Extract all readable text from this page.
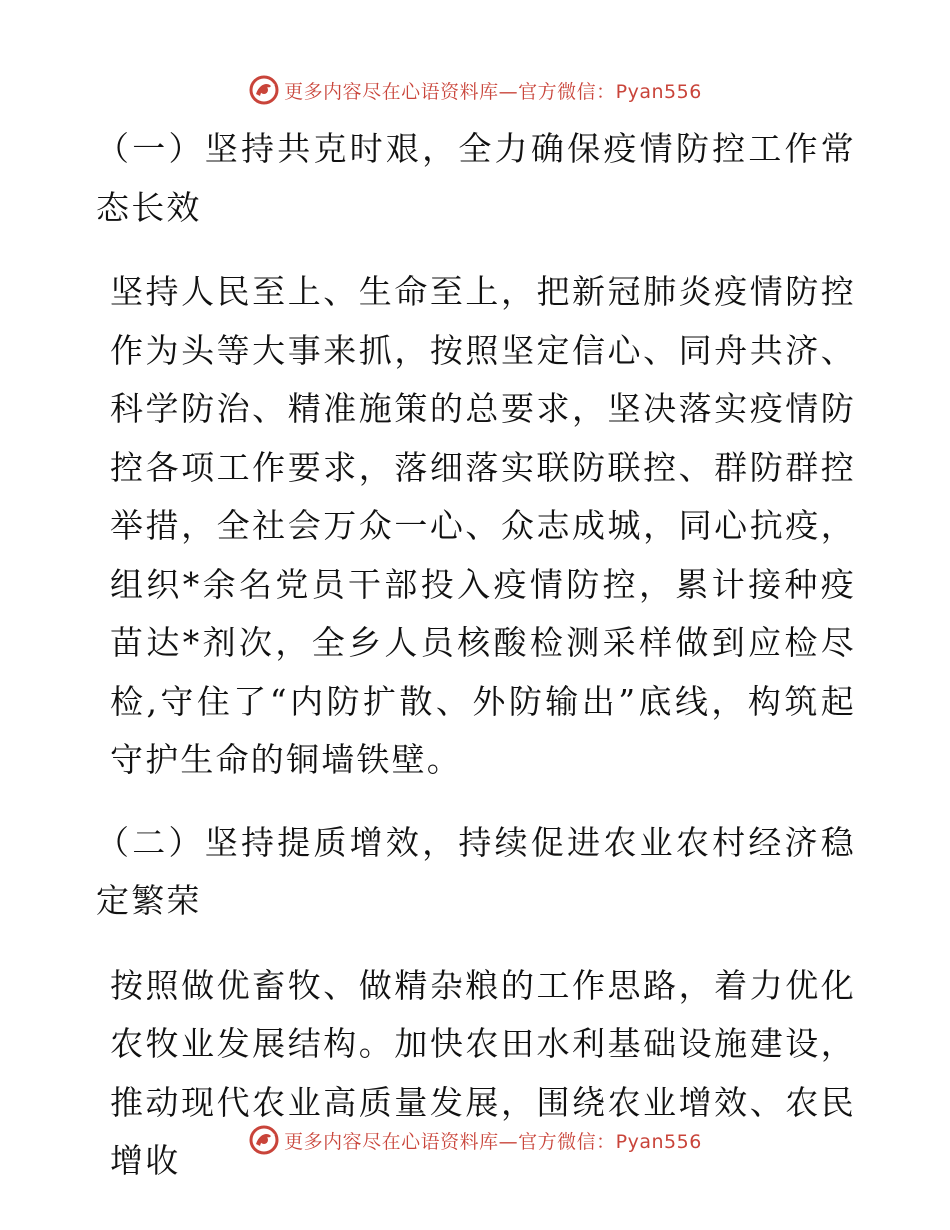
更多内容尽在心语资料库—官方微信：Pyan556

（一）坚持共克时艰，全力确保疫情防控工作常态长效

坚持人民至上、生命至上，把新冠肺炎疫情防控作为头等大事来抓，按照坚定信心、同舟共济、科学防治、精准施策的总要求，坚决落实疫情防控各项工作要求，落细落实联防联控、群防群控举措，全社会万众一心、众志成城，同心抗疫，组织*余名党员干部投入疫情防控，累计接种疫苗达*剂次，全乡人员核酸检测采样做到应检尽检,守住了“内防扩散、外防输出”底线，构筑起守护生命的铜墙铁壁。

（二）坚持提质增效，持续促进农业农村经济稳定繁荣

按照做优畜牧、做精杂粮的工作思路，着力优化农牧业发展结构。加快农田水利基础设施建设，推动现代农业高质量发展，围绕农业增效、农民增收	更多内容尽在心语资料库—官方微信：Pyan556
